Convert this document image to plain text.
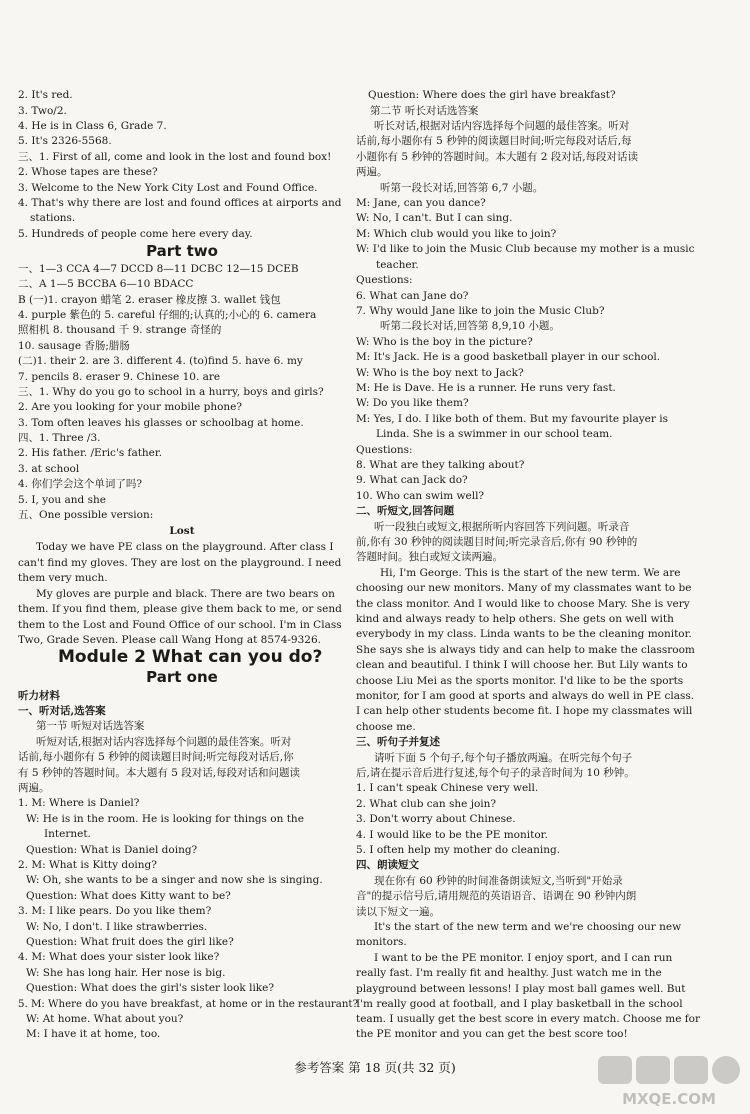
2. It's red.
3. Two/2.
4. He is in Class 6, Grade 7.
5. It's 2326-5568.
三、1. First of all, come and look in the lost and found box!
2. Whose tapes are these?
3. Welcome to the New York City Lost and Found Office.
4. That's why there are lost and found offices at airports and
stations.
5. Hundreds of people come here every day.
Part two
一、1—3 CCA 4—7 DCCD 8—11 DCBC 12—15 DCEB
二、A 1—5 BCCBA 6—10 BDACC
B (一)1. crayon 蜡笔 2. eraser 橡皮擦 3. wallet 钱包
4. purple 紫色的 5. careful 仔细的;认真的;小心的 6. camera
照相机 8. thousand 千 9. strange 奇怪的
10. sausage 香肠;腊肠
(二)1. their 2. are 3. different 4. (to)find 5. have 6. my
7. pencils 8. eraser 9. Chinese 10. are
三、1. Why do you go to school in a hurry, boys and girls?
2. Are you looking for your mobile phone?
3. Tom often leaves his glasses or schoolbag at home.
四、1. Three /3.
2. His father. /Eric's father.
3. at school
4. 你们学会这个单词了吗?
5. I, you and she
五、One possible version:
Lost
Today we have PE class on the playground. After class I
can't find my gloves. They are lost on the playground. I need
them very much.
My gloves are purple and black. There are two bears on
them. If you find them, please give them back to me, or send
them to the Lost and Found Office of our school. I'm in Class
Two, Grade Seven. Please call Wang Hong at 8574-9326.
Module 2 What can you do?
Part one
听力材料
一、听对话,选答案
第一节 听短对话选答案
听短对话,根据对话内容选择每个问题的最佳答案。听对
话前,每小题你有 5 秒钟的阅读题目时间;听完每段对话后,你
有 5 秒钟的答题时间。本大题有 5 段对话,每段对话和问题读
两遍。
1. M: Where is Daniel?
W: He is in the room. He is looking for things on the
Internet.
Question: What is Daniel doing?
2. M: What is Kitty doing?
W: Oh, she wants to be a singer and now she is singing.
Question: What does Kitty want to be?
3. M: I like pears. Do you like them?
W: No, I don't. I like strawberries.
Question: What fruit does the girl like?
4. M: What does your sister look like?
W: She has long hair. Her nose is big.
Question: What does the girl's sister look like?
5. M: Where do you have breakfast, at home or in the restaurant?
W: At home. What about you?
M: I have it at home, too.
Question: Where does the girl have breakfast?
第二节 听长对话选答案
听长对话,根据对话内容选择每个问题的最佳答案。听对
话前,每小题你有 5 秒钟的阅读题目时间;听完每段对话后,每
小题你有 5 秒钟的答题时间。本大题有 2 段对话,每段对话读
两遍。
听第一段长对话,回答第 6,7 小题。
M: Jane, can you dance?
W: No, I can't. But I can sing.
M: Which club would you like to join?
W: I'd like to join the Music Club because my mother is a music
teacher.
Questions:
6. What can Jane do?
7. Why would Jane like to join the Music Club?
听第二段长对话,回答第 8,9,10 小题。
W: Who is the boy in the picture?
M: It's Jack. He is a good basketball player in our school.
W: Who is the boy next to Jack?
M: He is Dave. He is a runner. He runs very fast.
W: Do you like them?
M: Yes, I do. I like both of them. But my favourite player is
Linda. She is a swimmer in our school team.
Questions:
8. What are they talking about?
9. What can Jack do?
10. Who can swim well?
二、听短文,回答问题
听一段独白或短文,根据所听内容回答下列问题。听录音
前,你有 30 秒钟的阅读题目时间;听完录音后,你有 90 秒钟的
答题时间。独白或短文读两遍。
Hi, I'm George. This is the start of the new term. We are
choosing our new monitors. Many of my classmates want to be
the class monitor. And I would like to choose Mary. She is very
kind and always ready to help others. She gets on well with
everybody in my class. Linda wants to be the cleaning monitor.
She says she is always tidy and can help to make the classroom
clean and beautiful. I think I will choose her. But Lily wants to
choose Liu Mei as the sports monitor. I'd like to be the sports
monitor, for I am good at sports and always do well in PE class.
I can help other students become fit. I hope my classmates will
choose me.
三、听句子并复述
请听下面 5 个句子,每个句子播放两遍。在听完每个句子
后,请在提示音后进行复述,每个句子的录音时间为 10 秒钟。
1. I can't speak Chinese very well.
2. What club can she join?
3. Don't worry about Chinese.
4. I would like to be the PE monitor.
5. I often help my mother do cleaning.
四、朗读短文
现在你有 60 秒钟的时间准备朗读短文,当听到"开始录
音"的提示信号后,请用规范的英语语音、语调在 90 秒钟内朗
读以下短文一遍。
It's the start of the new term and we're choosing our new
monitors.
I want to be the PE monitor. I enjoy sport, and I can run
really fast. I'm really fit and healthy. Just watch me in the
playground between lessons! I play most ball games well. But
I'm really good at football, and I play basketball in the school
team. I usually get the best score in every match. Choose me for
the PE monitor and you can get the best score too!
参考答案 第 18 页(共 32 页)
MXQE.COM
